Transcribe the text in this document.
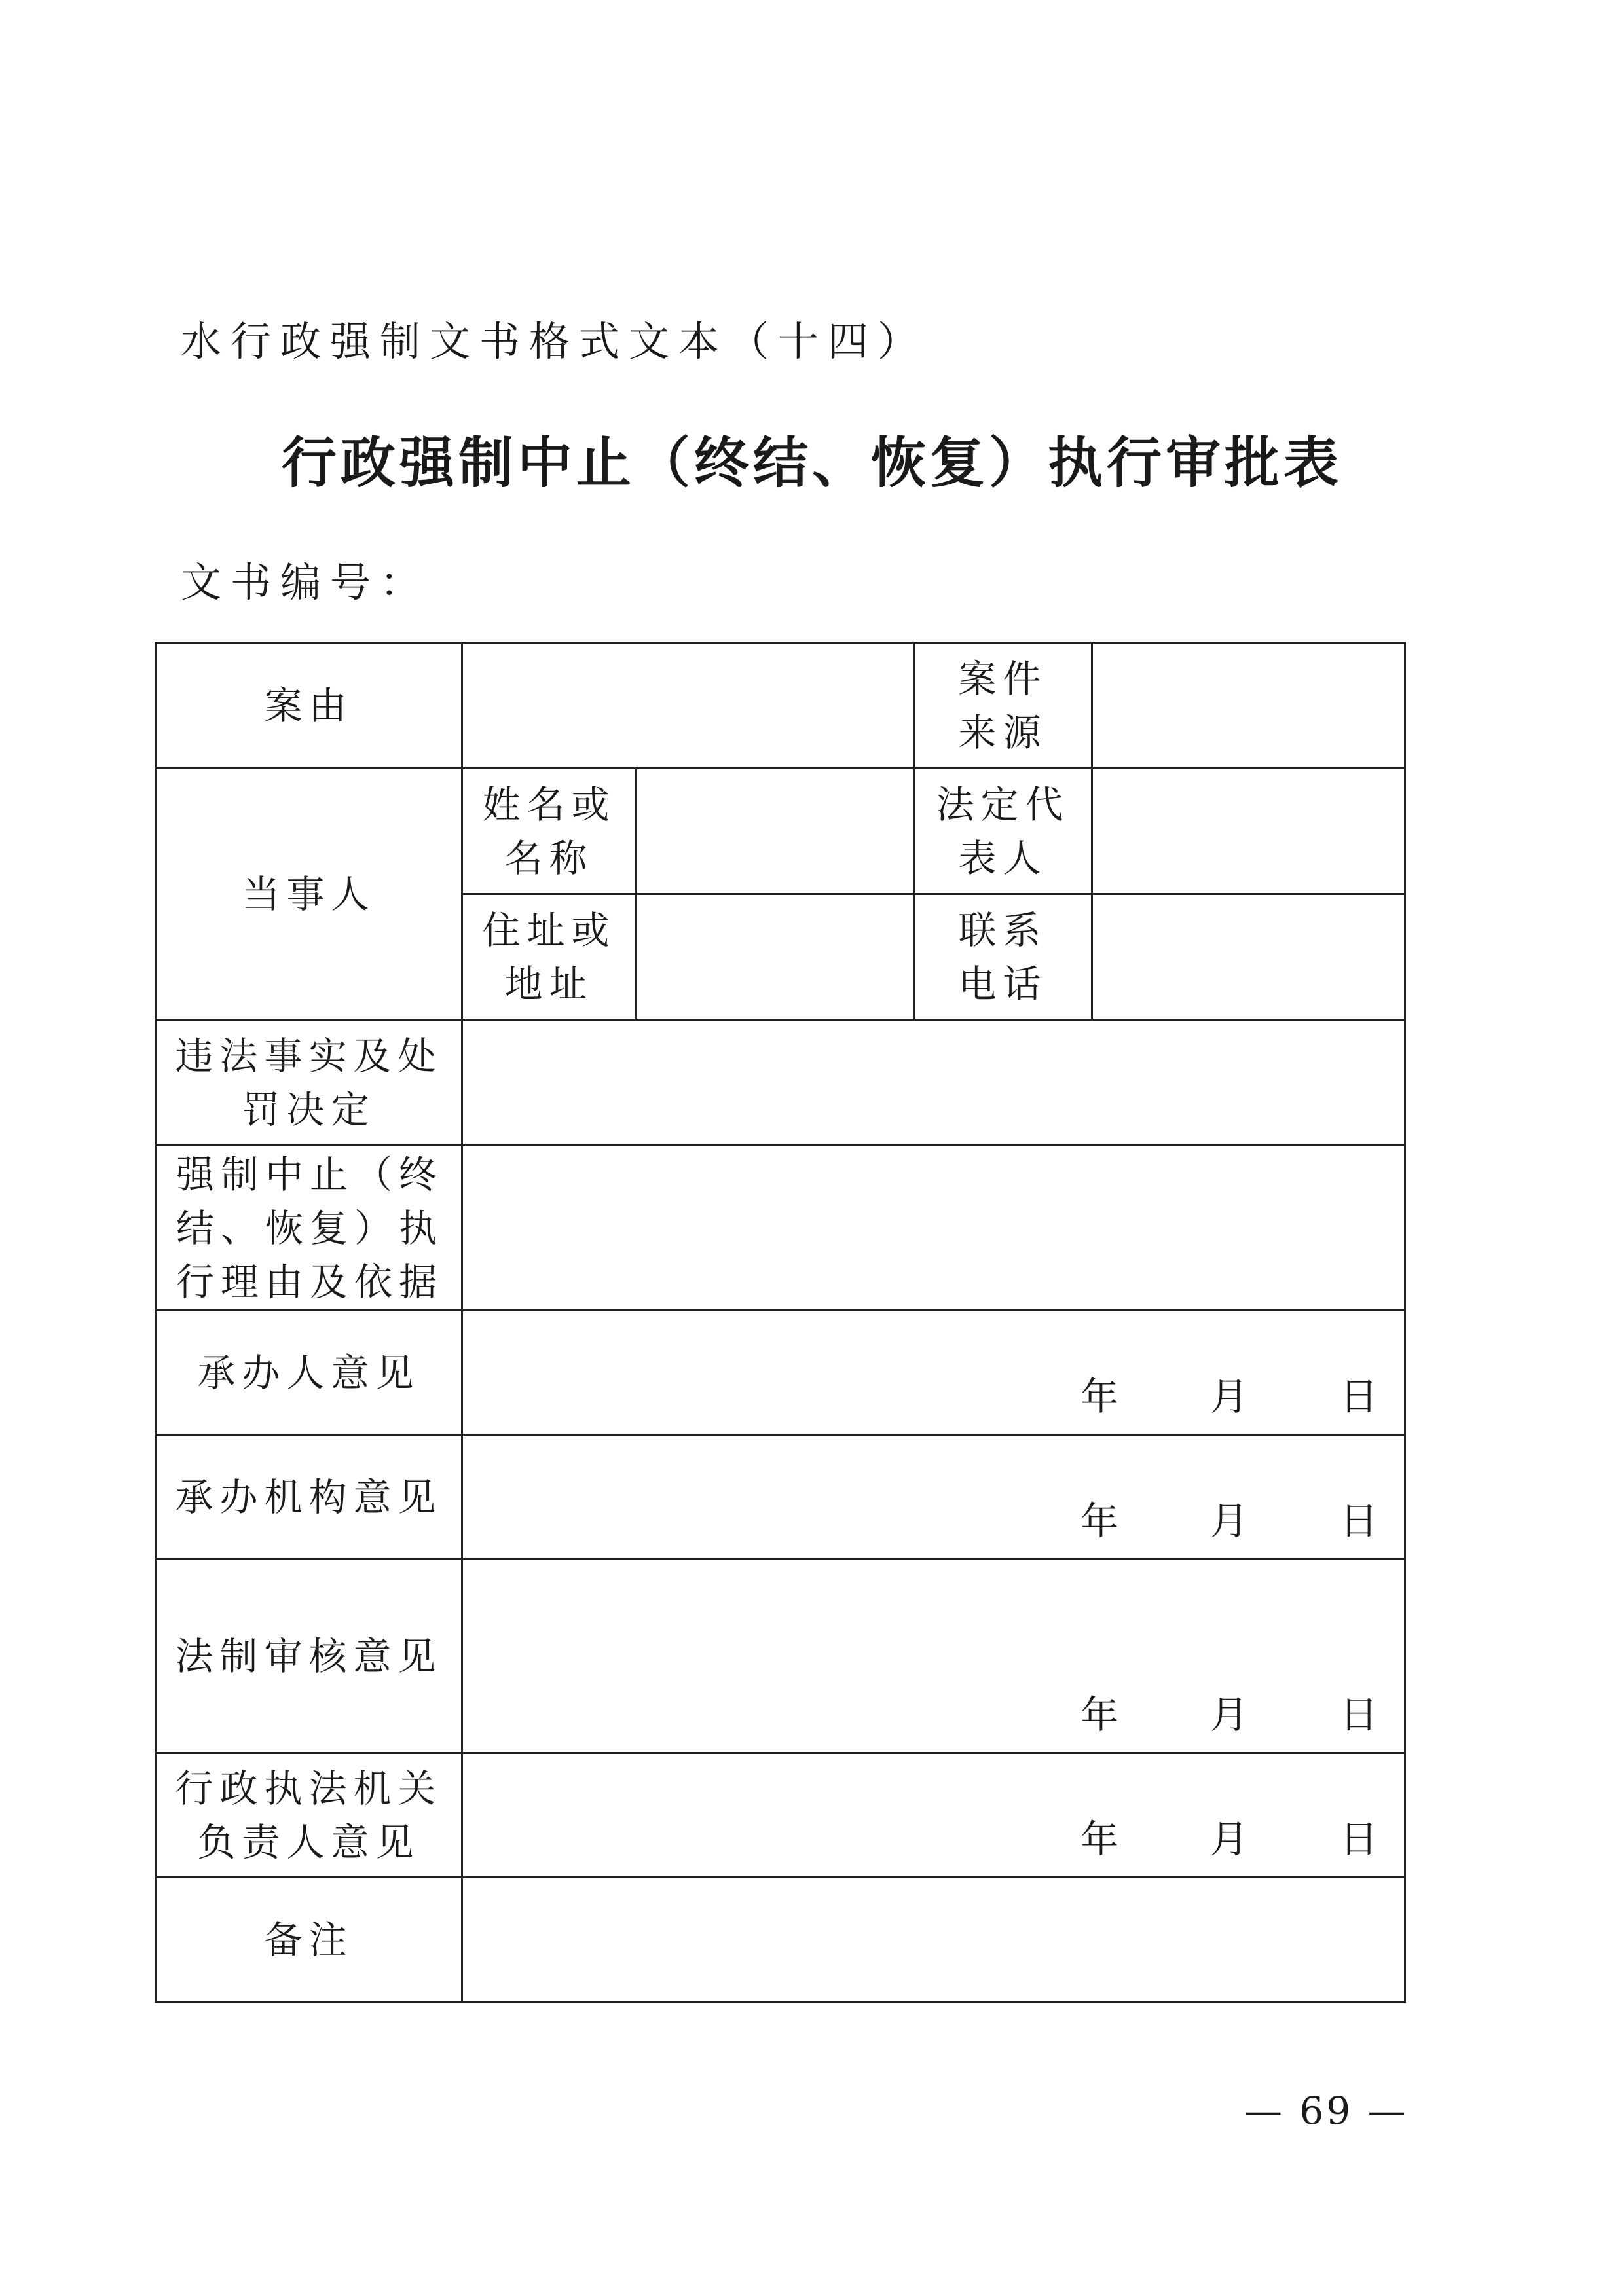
水行政强制文书格式文本（十四）
行政强制中止（终结、恢复）执行审批表
文书编号：
案由			案件来源	
当事人	姓名或名称		法定代表人	
	住址或地址		联系电话	
违法事实及处罚决定				
强制中止（终结、恢复）执行理由及依据				
承办人意见	年 月 日			

承办机构意见	年 月 日			

法制审核意见	年 月 日			

行政执法机关负责人意见	年 月 日			

备注				
— 69 —
